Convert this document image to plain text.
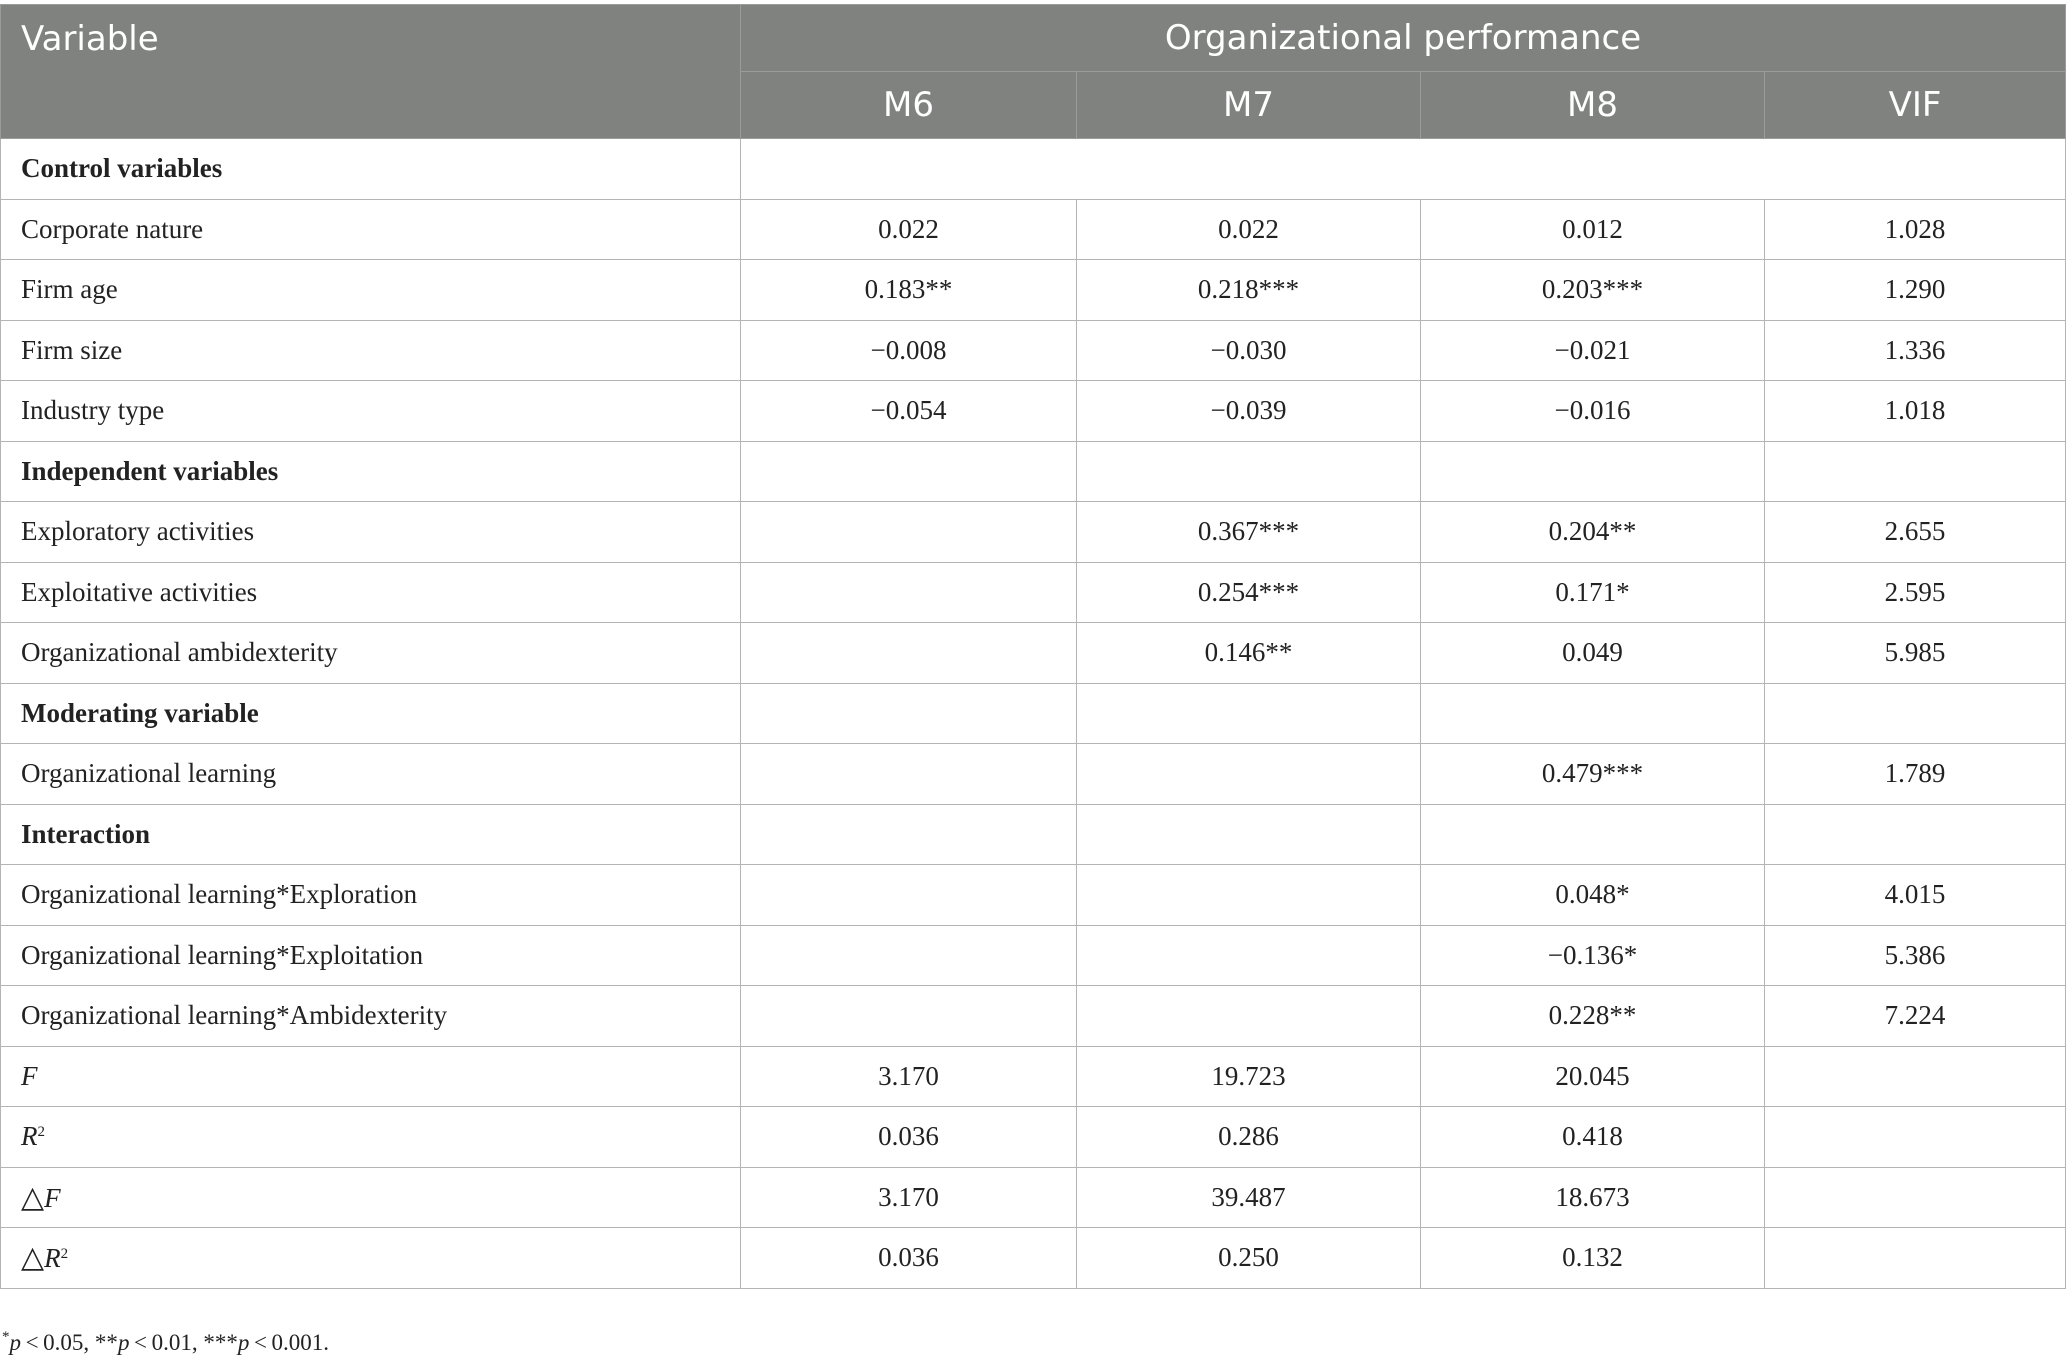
Variable	Organizational performance			
	M6	M7	M8	VIF
Control variables				
Corporate nature	0.022	0.022	0.012	1.028
Firm age	0.183**	0.218***	0.203***	1.290
Firm size	−0.008	−0.030	−0.021	1.336
Industry type	−0.054	−0.039	−0.016	1.018
Independent variables				
Exploratory activities		0.367***	0.204**	2.655
Exploitative activities		0.254***	0.171*	2.595
Organizational ambidexterity		0.146**	0.049	5.985
Moderating variable				
Organizational learning			0.479***	1.789
Interaction				
Organizational learning*Exploration			0.048*	4.015
Organizational learning*Exploitation			−0.136*	5.386
Organizational learning*Ambidexterity			0.228**	7.224
F	3.170	19.723	20.045	
$R^2$	0.036	0.286	0.418	
△F	3.170	39.487	18.673	
$\triangle R^2$	0.036	0.250	0.132	
*p < 0.05, **p < 0.01, ***p < 0.001.
